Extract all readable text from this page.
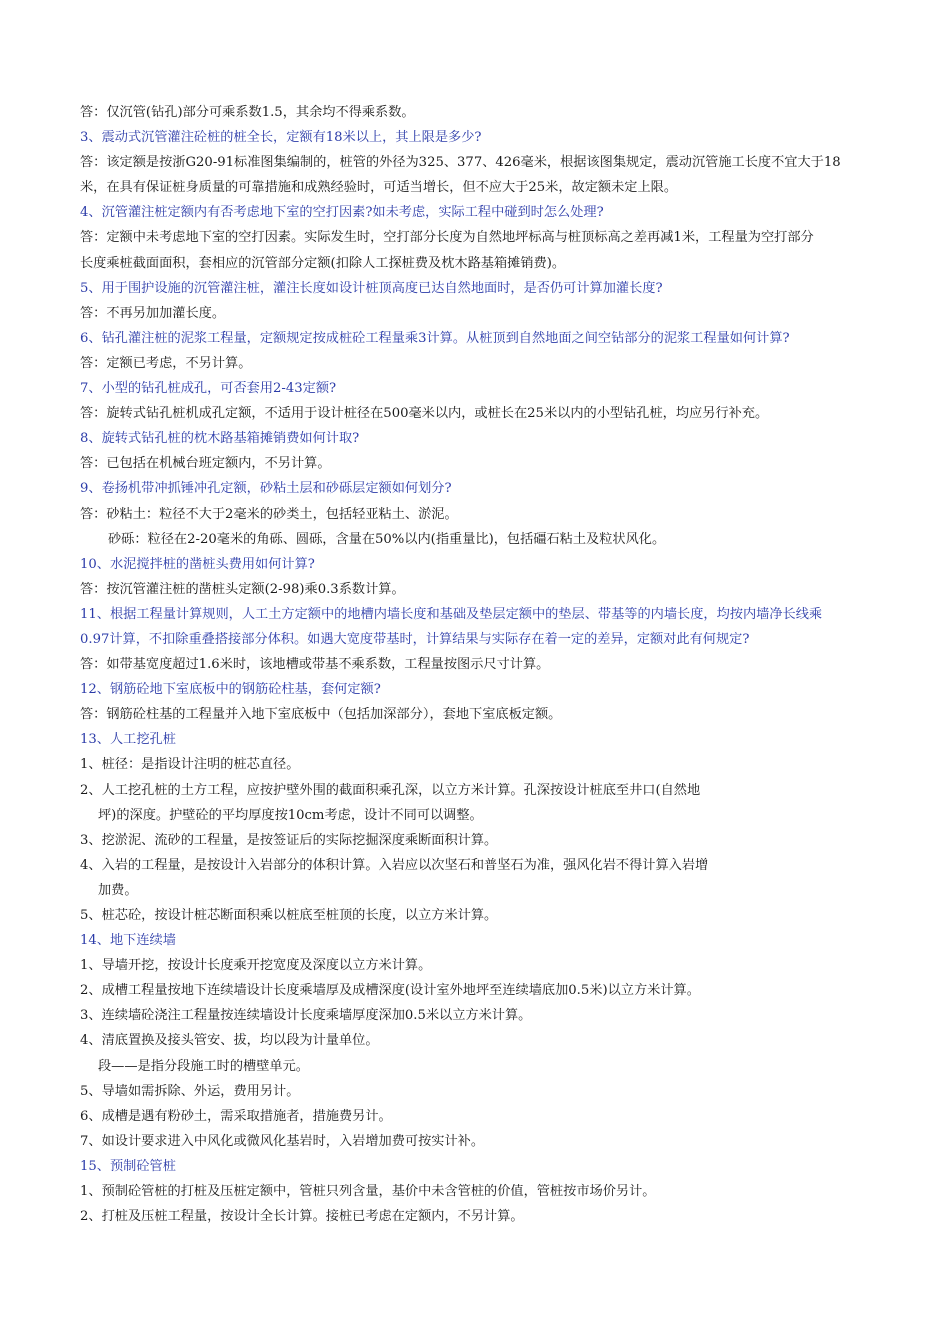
答：仅沉管(钻孔)部分可乘系数1.5，其余均不得乘系数。
3、震动式沉管灌注砼桩的桩全长，定额有18米以上，其上限是多少?
答：该定额是按浙G20-91标准图集编制的，桩管的外径为325、377、426毫米，根据该图集规定，震动沉管施工长度不宜大于18
米，在具有保证桩身质量的可靠措施和成熟经验时，可适当增长，但不应大于25米，故定额未定上限。
4、沉管灌注桩定额内有否考虑地下室的空打因素?如未考虑，实际工程中碰到时怎么处理?
答：定额中未考虑地下室的空打因素。实际发生时，空打部分长度为自然地坪标高与桩顶标高之差再减1米，工程量为空打部分
长度乘桩截面面积，套相应的沉管部分定额(扣除人工探桩费及枕木路基箱摊销费)。
5、用于围护设施的沉管灌注桩，灌注长度如设计桩顶高度已达自然地面时，是否仍可计算加灌长度?
答：不再另加加灌长度。
6、钻孔灌注桩的泥浆工程量，定额规定按成桩砼工程量乘3计算。从桩顶到自然地面之间空钻部分的泥浆工程量如何计算?
答：定额已考虑，不另计算。
7、小型的钻孔桩成孔，可否套用2-43定额?
答：旋转式钻孔桩机成孔定额，不适用于设计桩径在500毫米以内，或桩长在25米以内的小型钻孔桩，均应另行补充。
8、旋转式钻孔桩的枕木路基箱摊销费如何计取?
答：已包括在机械台班定额内，不另计算。
9、卷扬机带冲抓锤冲孔定额，砂粘土层和砂砾层定额如何划分?
答：砂粘土：粒径不大于2毫米的砂类土，包括轻亚粘土、淤泥。
砂砾：粒径在2-20毫米的角砾、圆砾，含量在50%以内(指重量比)，包括礓石粘土及粒状风化。
10、水泥搅拌桩的凿桩头费用如何计算?
答：按沉管灌注桩的凿桩头定额(2-98)乘0.3系数计算。
11、根据工程量计算规则，人工土方定额中的地槽内墙长度和基础及垫层定额中的垫层、带基等的内墙长度，均按内墙净长线乘
0.97计算，不扣除重叠搭接部分体积。如遇大宽度带基时，计算结果与实际存在着一定的差异，定额对此有何规定?
答：如带基宽度超过1.6米时，该地槽或带基不乘系数，工程量按图示尺寸计算。
12、钢筋砼地下室底板中的钢筋砼柱基，套何定额?
答：钢筋砼柱基的工程量并入地下室底板中（包括加深部分），套地下室底板定额。
13、人工挖孔桩
1、桩径：是指设计注明的桩芯直径。
2、人工挖孔桩的土方工程，应按护壁外围的截面积乘孔深，以立方米计算。孔深按设计桩底至井口(自然地
坪)的深度。护壁砼的平均厚度按10cm考虑，设计不同可以调整。
3、挖淤泥、流砂的工程量，是按签证后的实际挖掘深度乘断面积计算。
4、入岩的工程量，是按设计入岩部分的体积计算。入岩应以次坚石和普坚石为准，强风化岩不得计算入岩增
加费。
5、桩芯砼，按设计桩芯断面积乘以桩底至桩顶的长度，以立方米计算。
14、地下连续墙
1、导墙开挖，按设计长度乘开挖宽度及深度以立方米计算。
2、成槽工程量按地下连续墙设计长度乘墙厚及成槽深度(设计室外地坪至连续墙底加0.5米)以立方米计算。
3、连续墙砼浇注工程量按连续墙设计长度乘墙厚度深加0.5米以立方米计算。
4、清底置换及接头管安、拔，均以段为计量单位。
段——是指分段施工时的槽壁单元。
5、导墙如需拆除、外运，费用另计。
6、成槽是遇有粉砂土，需采取措施者，措施费另计。
7、如设计要求进入中风化或微风化基岩时，入岩增加费可按实计补。
15、预制砼管桩
1、预制砼管桩的打桩及压桩定额中，管桩只列含量，基价中未含管桩的价值，管桩按市场价另计。
2、打桩及压桩工程量，按设计全长计算。接桩已考虑在定额内，不另计算。
